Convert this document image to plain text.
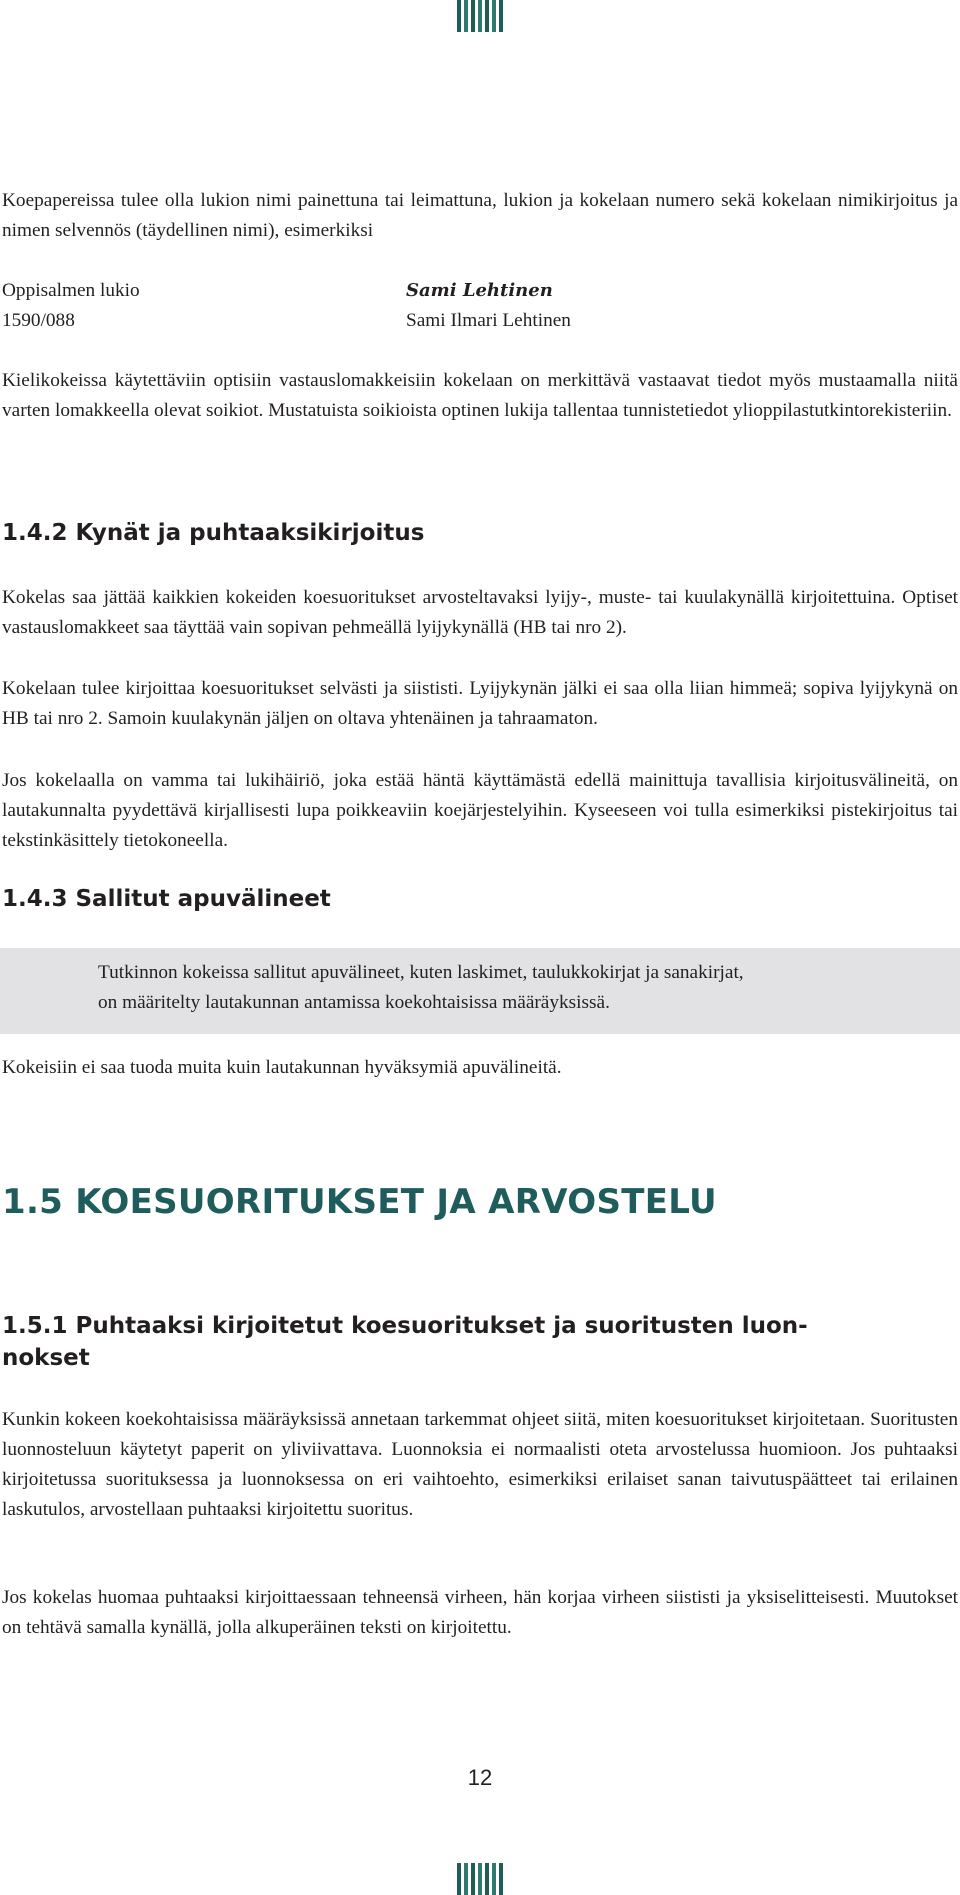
Koepapereissa tulee olla lukion nimi painettuna tai leimattuna, lukion ja kokelaan numero sekä kokelaan nimikirjoitus ja nimen selvennös (täydellinen nimi), esimerkiksi
Oppisalmen lukio
1590/088
Sami Lehtinen
Sami Ilmari Lehtinen
Kielikokeissa käytettäviin optisiin vastauslomakkeisiin kokelaan on merkittävä vastaavat tiedot myös mustaamalla niitä varten lomakkeella olevat soikiot. Mustatuista soikioista optinen lukija tallentaa tunnistetiedot ylioppilastutkintorekisteriin.
1.4.2 Kynät ja puhtaaksikirjoitus
Kokelas saa jättää kaikkien kokeiden koesuoritukset arvosteltavaksi lyijy-, muste- tai kuulakynällä kirjoitettuina. Optiset vastauslomakkeet saa täyttää vain sopivan pehmeällä lyijykynällä (HB tai nro 2).
Kokelaan tulee kirjoittaa koesuoritukset selvästi ja siististi. Lyijykynän jälki ei saa olla liian himmeä; sopiva lyijykynä on HB tai nro 2. Samoin kuulakynän jäljen on oltava yhtenäinen ja tahraamaton.
Jos kokelaalla on vamma tai lukihäiriö, joka estää häntä käyttämästä edellä mainittuja tavallisia kirjoitusvälineitä, on lautakunnalta pyydettävä kirjallisesti lupa poikkeaviin koejärjestelyihin. Kyseeseen voi tulla esimerkiksi pistekirjoitus tai tekstinkäsittely tietokoneella.
1.4.3 Sallitut apuvälineet
Tutkinnon kokeissa sallitut apuvälineet, kuten laskimet, taulukkokirjat ja sanakirjat,
on määritelty lautakunnan antamissa koekohtaisissa määräyksissä.
Kokeisiin ei saa tuoda muita kuin lautakunnan hyväksymiä apuvälineitä.
1.5 KOESUORITUKSET JA ARVOSTELU
1.5.1 Puhtaaksi kirjoitetut koesuoritukset ja suoritusten luon-
nokset
Kunkin kokeen koekohtaisissa määräyksissä annetaan tarkemmat ohjeet siitä, miten koesuoritukset kirjoitetaan. Suoritusten luonnosteluun käytetyt paperit on yliviivattava. Luonnoksia ei normaalisti oteta arvostelussa huomioon. Jos puhtaaksi kirjoitetussa suorituksessa ja luonnoksessa on eri vaihtoehto, esimerkiksi erilaiset sanan taivutuspäätteet tai erilainen laskutulos, arvostellaan puhtaaksi kirjoitettu suoritus.
Jos kokelas huomaa puhtaaksi kirjoittaessaan tehneensä virheen, hän korjaa virheen siististi ja yksiselitteisesti. Muutokset on tehtävä samalla kynällä, jolla alkuperäinen teksti on kirjoitettu.
12
